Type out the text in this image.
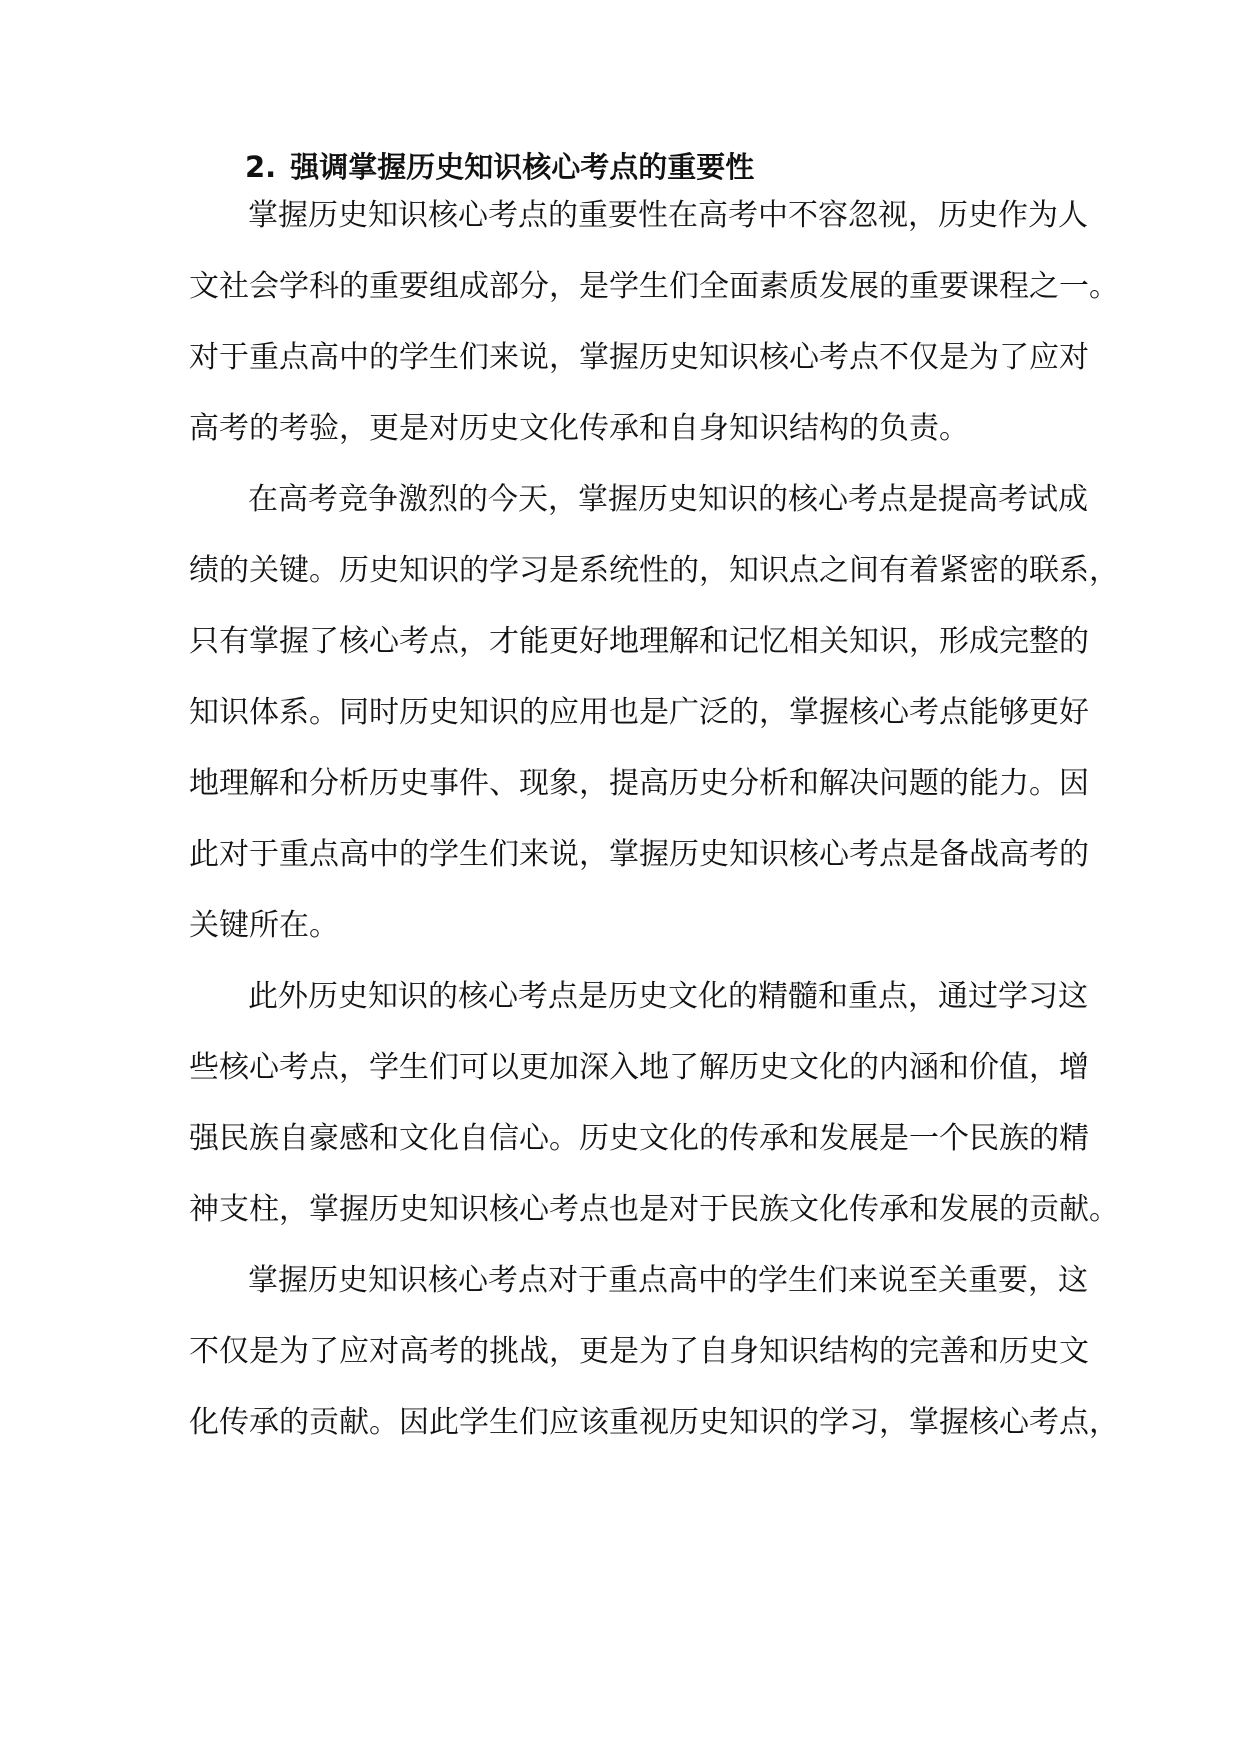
2. 强调掌握历史知识核心考点的重要性
掌握历史知识核心考点的重要性在高考中不容忽视，历史作为人
文社会学科的重要组成部分，是学生们全面素质发展的重要课程之一。
对于重点高中的学生们来说，掌握历史知识核心考点不仅是为了应对
高考的考验，更是对历史文化传承和自身知识结构的负责。
在高考竞争激烈的今天，掌握历史知识的核心考点是提高考试成
绩的关键。历史知识的学习是系统性的，知识点之间有着紧密的联系，
只有掌握了核心考点，才能更好地理解和记忆相关知识，形成完整的
知识体系。同时历史知识的应用也是广泛的，掌握核心考点能够更好
地理解和分析历史事件、现象，提高历史分析和解决问题的能力。因
此对于重点高中的学生们来说，掌握历史知识核心考点是备战高考的
关键所在。
此外历史知识的核心考点是历史文化的精髓和重点，通过学习这
些核心考点，学生们可以更加深入地了解历史文化的内涵和价值，增
强民族自豪感和文化自信心。历史文化的传承和发展是一个民族的精
神支柱，掌握历史知识核心考点也是对于民族文化传承和发展的贡献。
掌握历史知识核心考点对于重点高中的学生们来说至关重要，这
不仅是为了应对高考的挑战，更是为了自身知识结构的完善和历史文
化传承的贡献。因此学生们应该重视历史知识的学习，掌握核心考点，
